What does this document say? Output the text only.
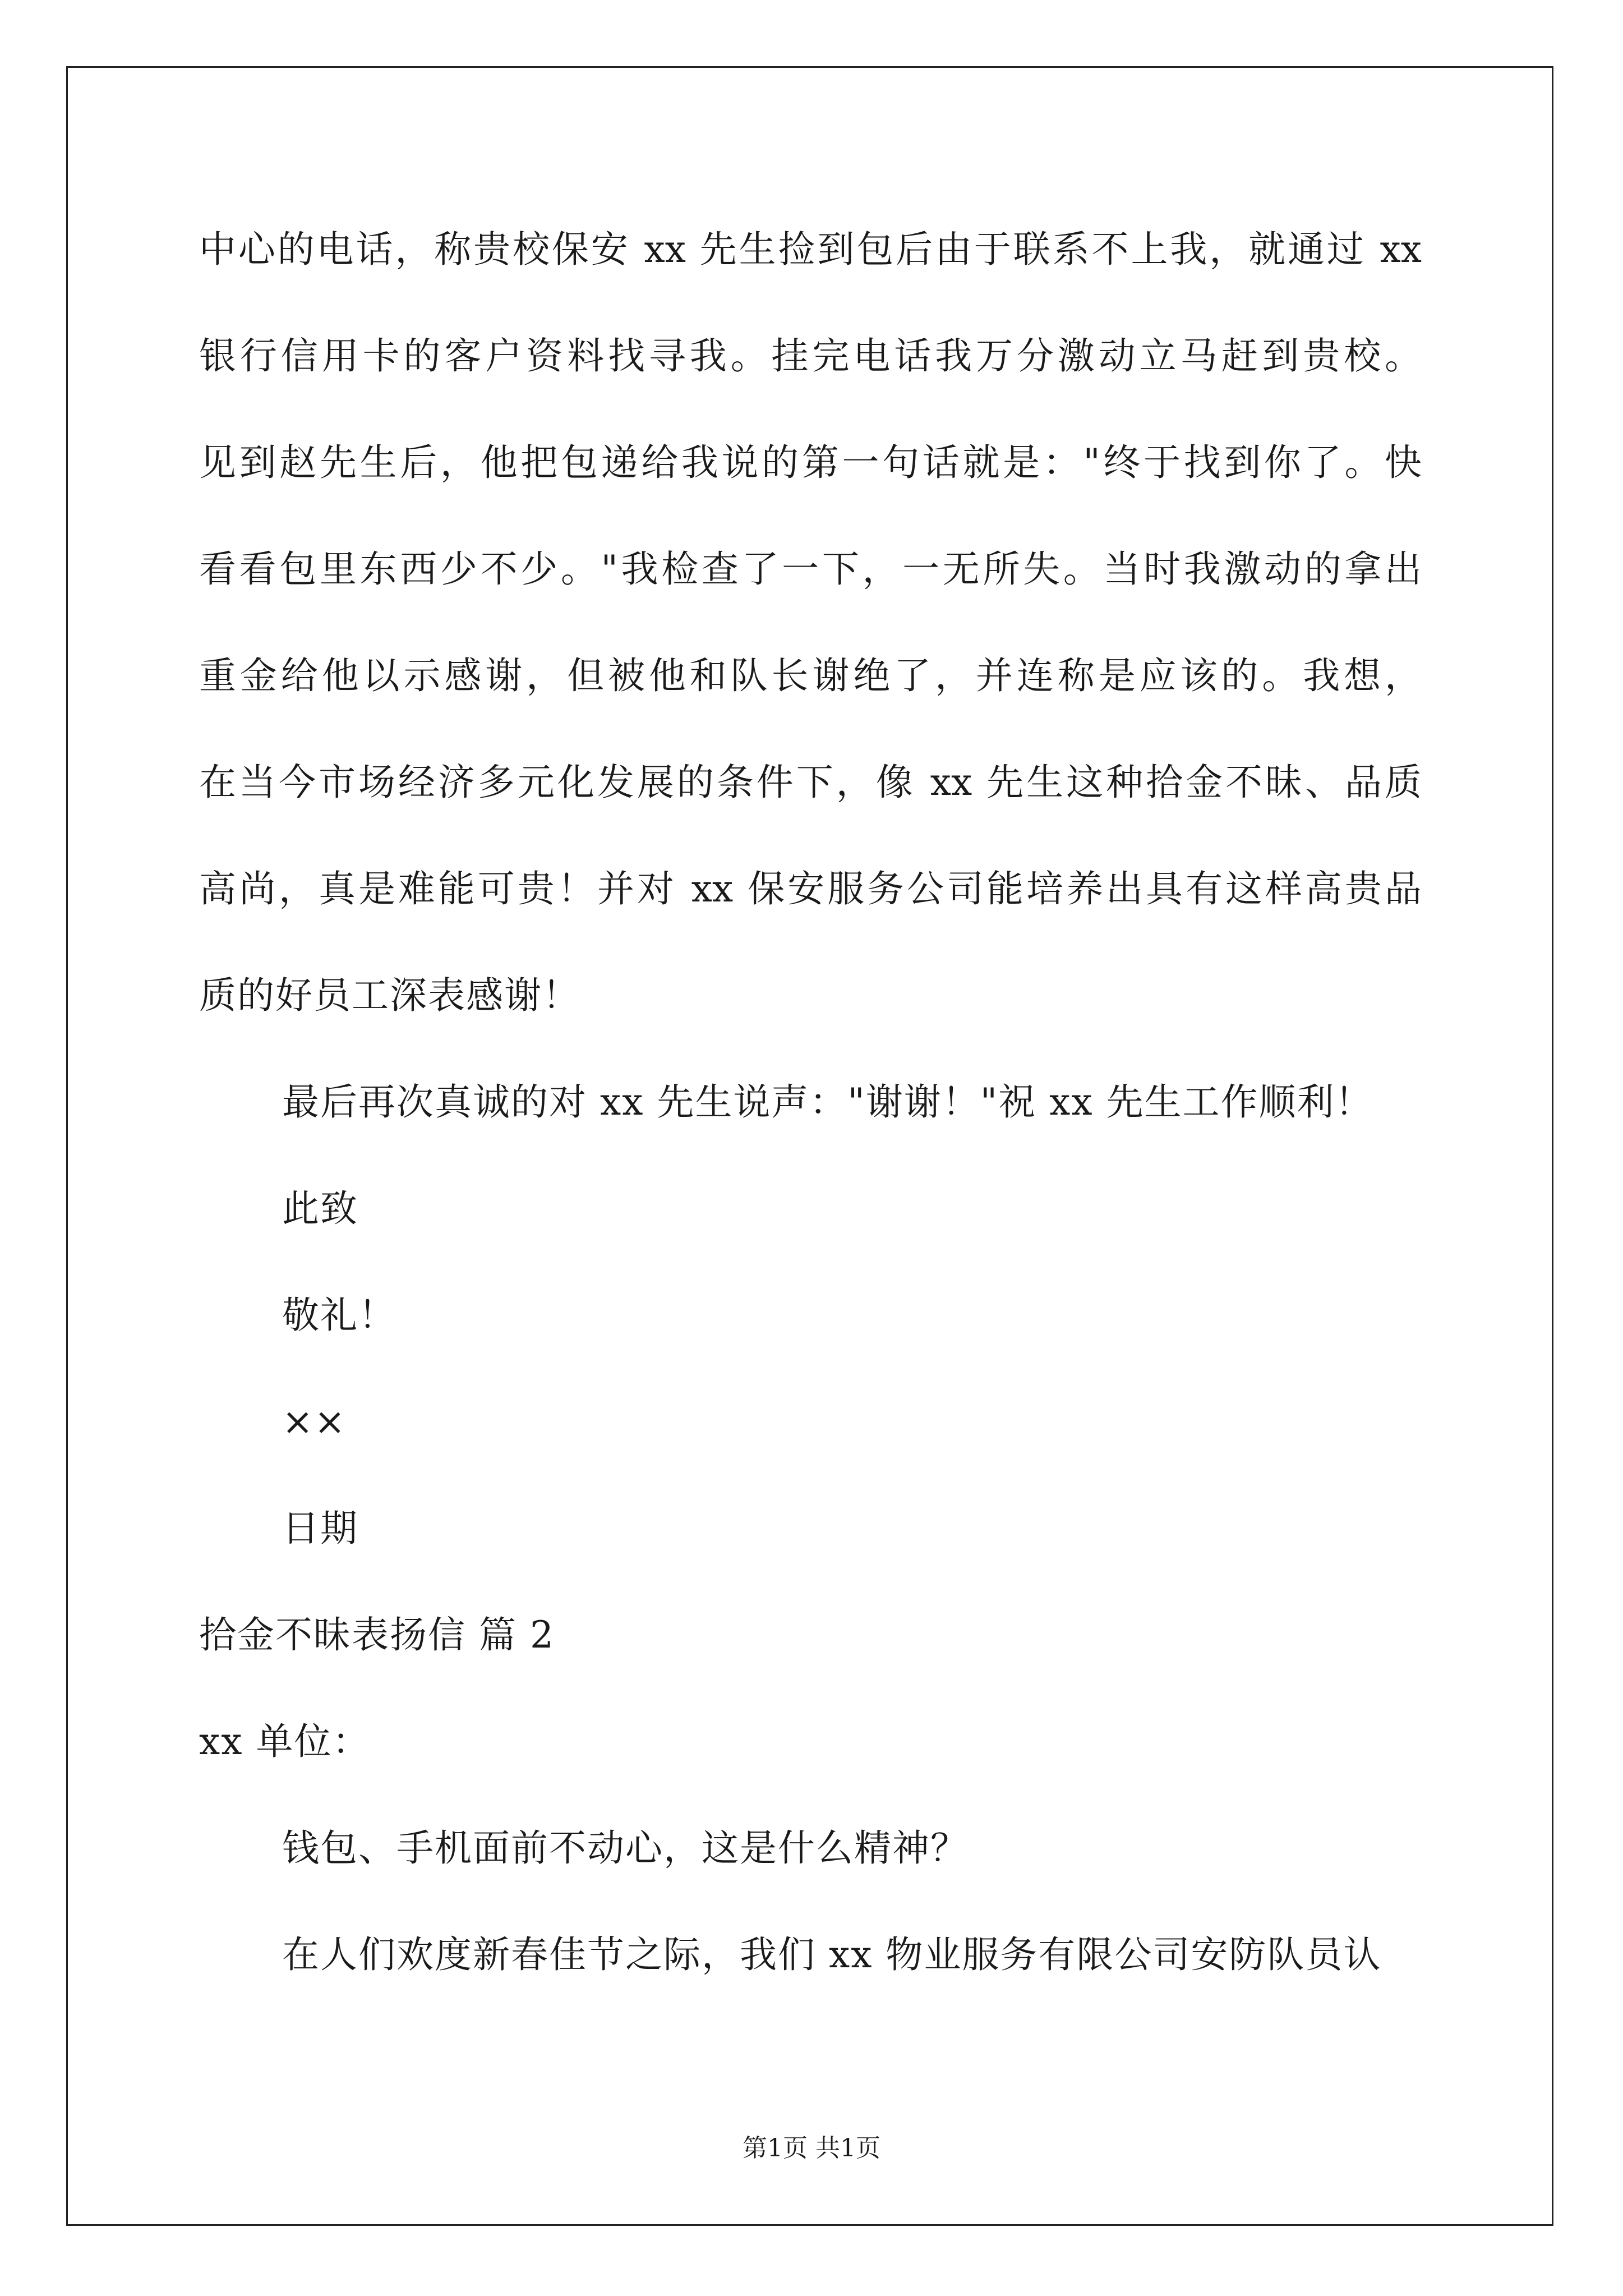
中心的电话，称贵校保安 xx 先生捡到包后由于联系不上我，就通过 xx
银行信用卡的客户资料找寻我。挂完电话我万分激动立马赶到贵校。
见到赵先生后，他把包递给我说的第一句话就是："终于找到你了。快
看看包里东西少不少。"我检查了一下，一无所失。当时我激动的拿出
重金给他以示感谢，但被他和队长谢绝了，并连称是应该的。我想，
在当今市场经济多元化发展的条件下，像 xx 先生这种拾金不昧、品质
高尚，真是难能可贵！并对 xx 保安服务公司能培养出具有这样高贵品
质的好员工深表感谢！
最后再次真诚的对 xx 先生说声："谢谢！"祝 xx 先生工作顺利！
此致
敬礼！
××
日期
拾金不昧表扬信 篇 2
xx 单位：
钱包、手机面前不动心，这是什么精神？
在人们欢度新春佳节之际，我们 xx 物业服务有限公司安防队员认
第1页 共1页
